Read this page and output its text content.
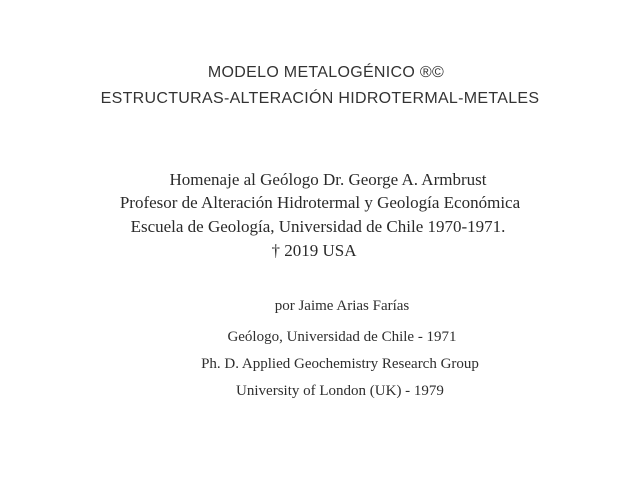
MODELO METALOGÉNICO ®©
ESTRUCTURAS-ALTERACIÓN HIDROTERMAL-METALES
Homenaje al Geólogo Dr. George A. Armbrust
Profesor de Alteración Hidrotermal y Geología Económica
Escuela de Geología, Universidad de Chile 1970-1971.
† 2019 USA
por Jaime Arias Farías
Geólogo, Universidad de Chile - 1971
Ph. D. Applied Geochemistry Research Group
University of London (UK) - 1979
